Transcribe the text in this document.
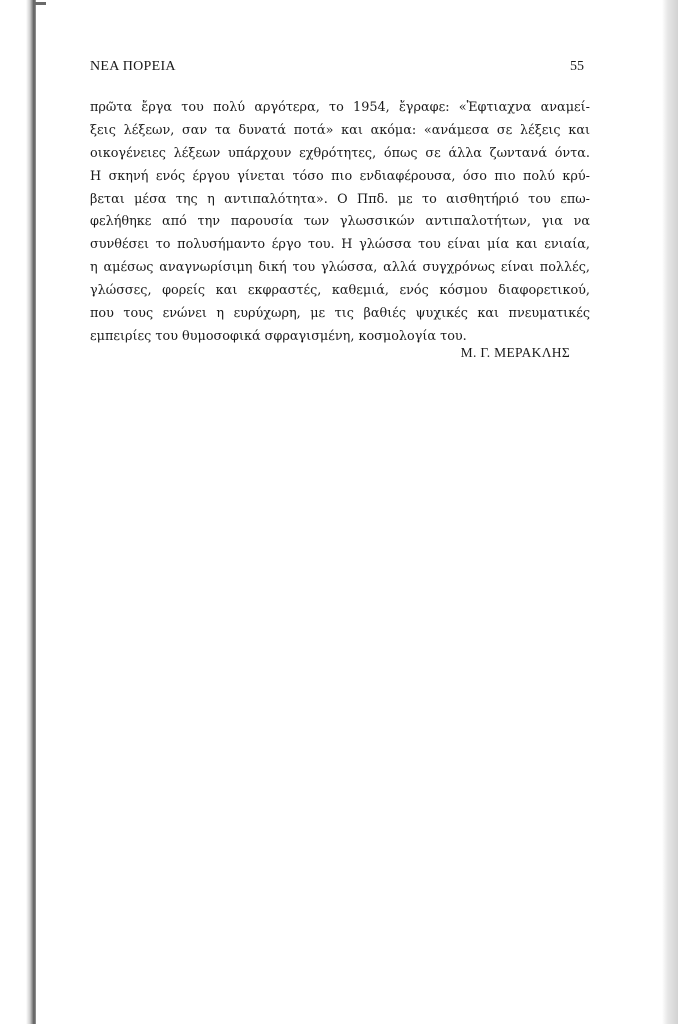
ΝΕΑ ΠΟΡΕΙΑ	55
πρῶτα ἔργα του πολύ αργότερα, το 1954, ἔγραφε: «Ἐφτιαχνα αναμεί-
ξεις λέξεων, σαν τα δυνατά ποτά» και ακόμα: «ανάμεσα σε λέξεις και
οικογένειες λέξεων υπάρχουν εχθρότητες, όπως σε άλλα ζωντανά όντα.
Η σκηνή ενός έργου γίνεται τόσο πιο ενδιαφέρουσα, όσο πιο πολύ κρύ-
βεται μέσα της η αντιπαλότητα». Ο Ππδ. με το αισθητήριό του επω-
φελήθηκε από την παρουσία των γλωσσικών αντιπαλοτήτων, για να
συνθέσει το πολυσήμαντο έργο του. Η γλώσσα του είναι μία και ενιαία,
η αμέσως αναγνωρίσιμη δική του γλώσσα, αλλά συγχρόνως είναι πολλές,
γλώσσες, φορείς και εκφραστές, καθεμιά, ενός κόσμου διαφορετικού,
που τους ενώνει η ευρύχωρη, με τις βαθιές ψυχικές και πνευματικές
εμπειρίες του θυμοσοφικά σφραγισμένη, κοσμολογία του.
Μ. Γ. ΜΕΡΑΚΛΗΣ
